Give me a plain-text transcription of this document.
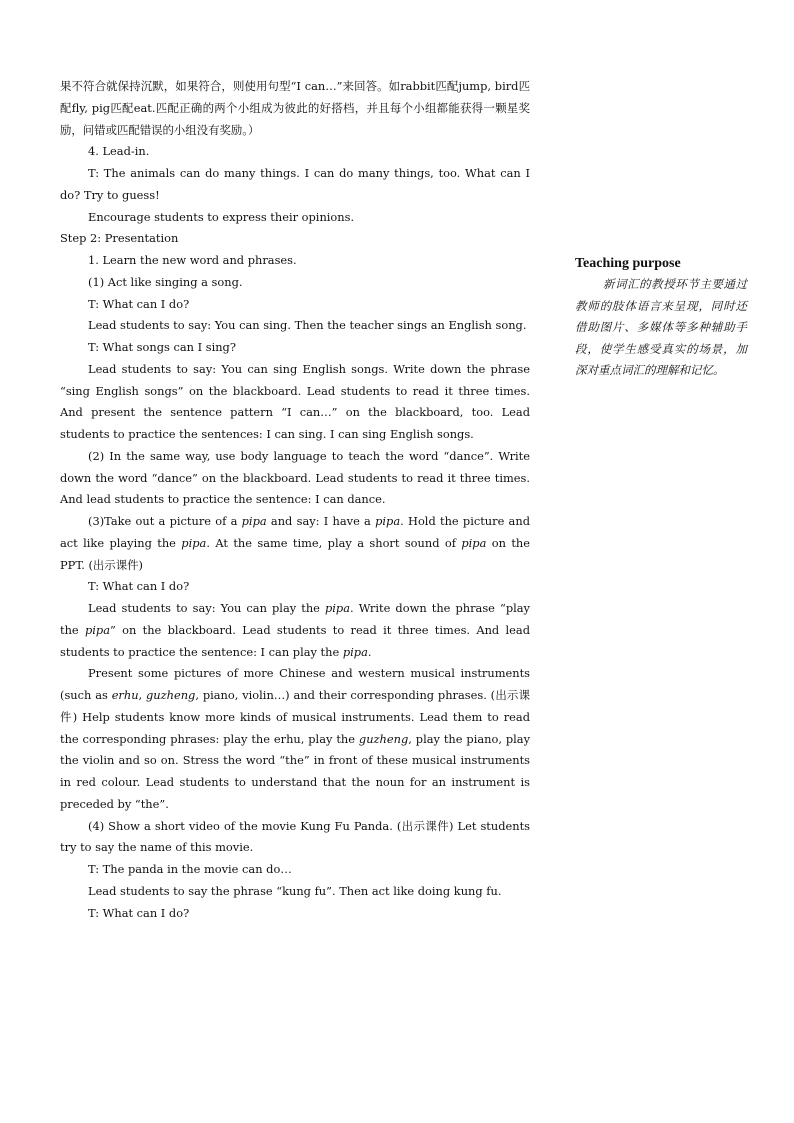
果不符合就保持沉默，如果符合，则使用句型“I can…”来回答。如rabbit匹配jump, bird匹配fly, pig匹配eat.匹配正确的两个小组成为彼此的好搭档，并且每个小组都能获得一颗星奖励，问错或匹配错误的小组没有奖励。）

4. Lead-in.

T: The animals can do many things. I can do many things, too. What can I do? Try to guess!

Encourage students to express their opinions.

Step 2: Presentation

1. Learn the new word and phrases.

(1) Act like singing a song.

T: What can I do?

Lead students to say: You can sing. Then the teacher sings an English song.

T: What songs can I sing?

Lead students to say: You can sing English songs. Write down the phrase “sing English songs” on the blackboard. Lead students to read it three times. And present the sentence pattern “I can…” on the blackboard, too. Lead students to practice the sentences: I can sing. I can sing English songs.

(2) In the same way, use body language to teach the word “dance”. Write down the word “dance” on the blackboard. Lead students to read it three times. And lead students to practice the sentence: I can dance.

(3)Take out a picture of a pipa and say: I have a pipa. Hold the picture and act like playing the pipa. At the same time, play a short sound of pipa on the PPT. (出示课件)

T: What can I do?

Lead students to say: You can play the pipa. Write down the phrase “play the pipa” on the blackboard. Lead students to read it three times. And lead students to practice the sentence: I can play the pipa.

Present some pictures of more Chinese and western musical instruments (such as erhu, guzheng, piano, violin…) and their corresponding phrases. (出示课件) Help students know more kinds of musical instruments. Lead them to read the corresponding phrases: play the erhu, play the guzheng, play the piano, play the violin and so on. Stress the word “the” in front of these musical instruments in red colour. Lead students to understand that the noun for an instrument is preceded by “the”.

(4) Show a short video of the movie Kung Fu Panda. (出示课件) Let students try to say the name of this movie.

T: The panda in the movie can do…

Lead students to say the phrase “kung fu”. Then act like doing kung fu.

T: What can I do?

Teaching purpose

新词汇的教授环节主要通过教师的肢体语言来呈现，同时还借助图片、多媒体等多种辅助手段，使学生感受真实的场景，加深对重点词汇的理解和记忆。
